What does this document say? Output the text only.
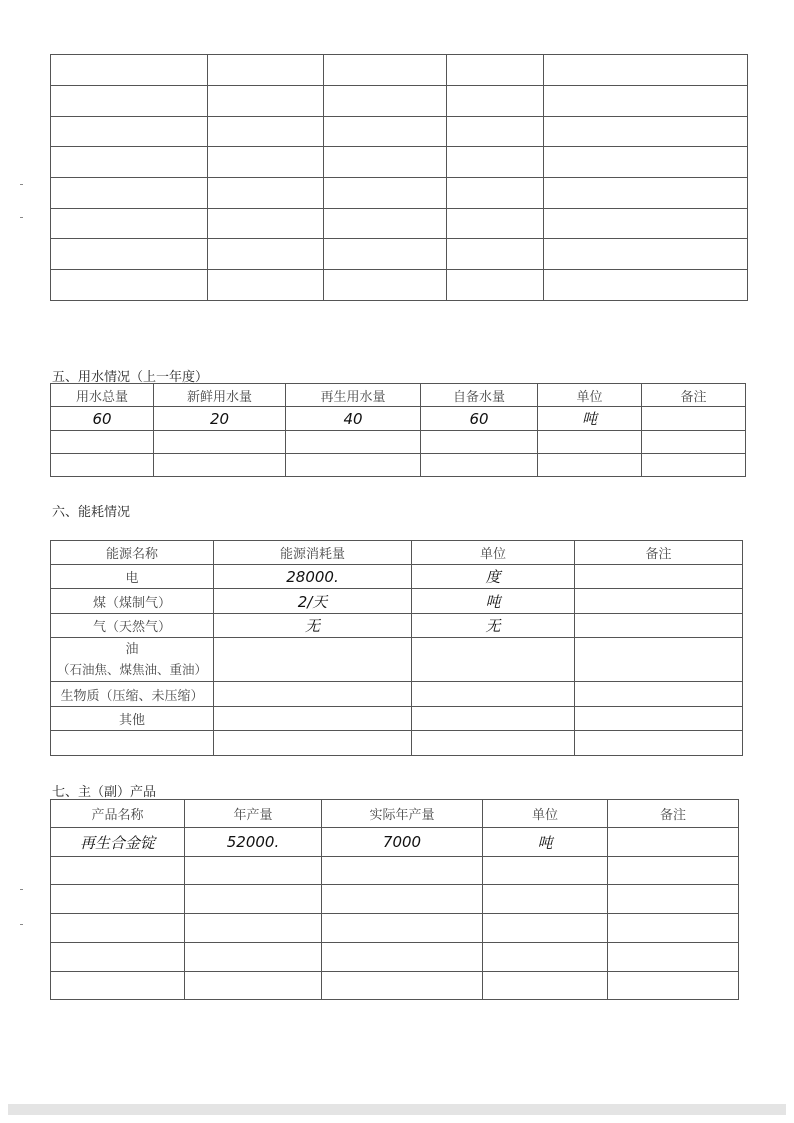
五、用水情况（上一年度）
用水总量	新鲜用水量	再生用水量	自备水量	单位	备注
60	20	40	60	吨	

六、能耗情况
能源名称	能源消耗量	单位	备注
电	28000.	度	
煤（煤制气）	2/天	吨	
气（天然气）	无	无	

油
（石油焦、煤焦油、重油）			

生物质（压缩、未压缩）			
其他			

七、主（副）产品
产品名称	年产量	实际年产量	单位	备注
再生合金锭	52000.	7000	吨	
